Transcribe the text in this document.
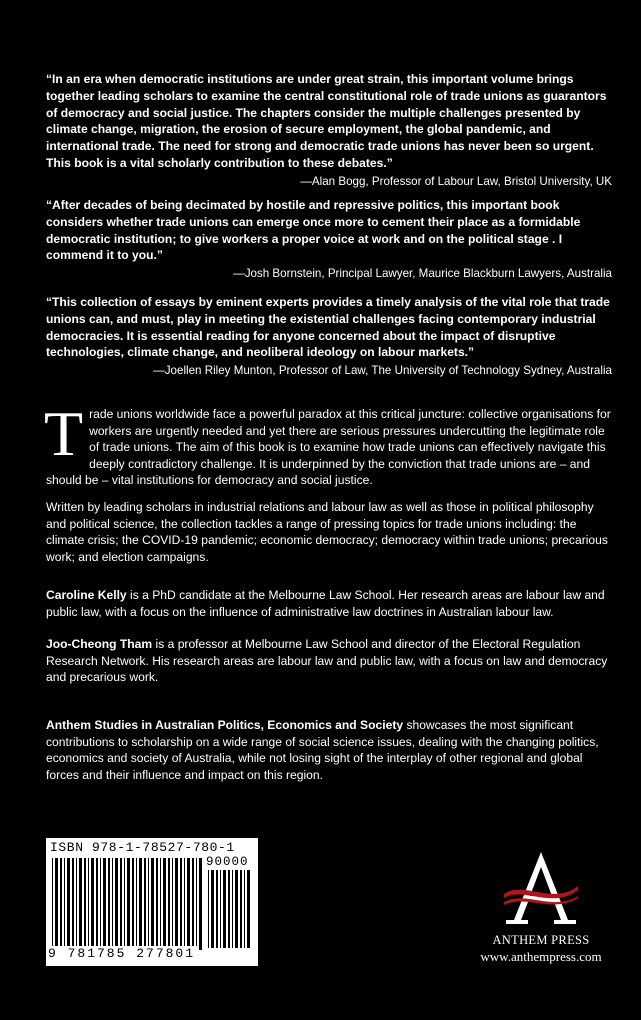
“In an era when democratic institutions are under great strain, this important volume brings together leading scholars to examine the central constitutional role of trade unions as guarantors of democracy and social justice. The chapters consider the multiple challenges presented by climate change, migration, the erosion of secure employment, the global pandemic, and international trade. The need for strong and democratic trade unions has never been so urgent. This book is a vital scholarly contribution to these debates.”

—Alan Bogg, Professor of Labour Law, Bristol University, UK

“After decades of being decimated by hostile and repressive politics, this important book considers whether trade unions can emerge once more to cement their place as a formidable democratic institution; to give workers a proper voice at work and on the political stage . I commend it to you.”

—Josh Bornstein, Principal Lawyer, Maurice Blackburn Lawyers, Australia

“This collection of essays by eminent experts provides a timely analysis of the vital role that trade unions can, and must, play in meeting the existential challenges facing contemporary industrial democracies. It is essential reading for anyone concerned about the impact of disruptive technologies, climate change, and neoliberal ideology on labour markets.”

—Joellen Riley Munton, Professor of Law, The University of Technology Sydney, Australia

Trade unions worldwide face a powerful paradox at this critical juncture: collective organisations for workers are urgently needed and yet there are serious pressures undercutting the legitimate role of trade unions. The aim of this book is to examine how trade unions can effectively navigate this deeply contradictory challenge. It is underpinned by the conviction that trade unions are – and should be – vital institutions for democracy and social justice.

Written by leading scholars in industrial relations and labour law as well as those in political philosophy and political science, the collection tackles a range of pressing topics for trade unions including: the climate crisis; the COVID-19 pandemic; economic democracy; democracy within trade unions; precarious work; and election campaigns.

Caroline Kelly is a PhD candidate at the Melbourne Law School. Her research areas are labour law and public law, with a focus on the influence of administrative law doctrines in Australian labour law.

Joo-Cheong Tham is a professor at Melbourne Law School and director of the Electoral Regulation Research Network. His research areas are labour law and public law, with a focus on law and democracy and precarious work.

Anthem Studies in Australian Politics, Economics and Society showcases the most significant contributions to scholarship on a wide range of social science issues, dealing with the changing politics, economics and society of Australia, while not losing sight of the interplay of other regional and global forces and their influence and impact on this region.

ISBN 978-1-78527-780-1
90000
9 781785 277801
ANTHEM PRESS
www.anthempress.com
